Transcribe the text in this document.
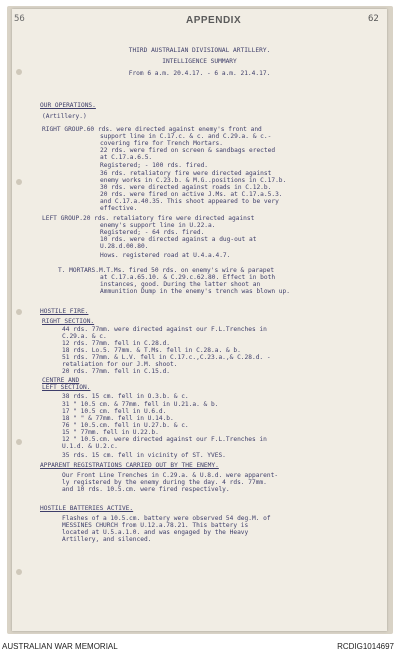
56	APPENDIX	62
THIRD AUSTRALIAN DIVISIONAL ARTILLERY.
INTELLIGENCE SUMMARY
From 6 a.m. 20.4.17. - 6 a.m. 21.4.17.
OUR OPERATIONS.
(Artillery.)
RIGHT GROUP.60 rds. were directed against enemy's front and
support line in C.17.c. & c. and C.29.a. & c.-
covering fire for Trench Mortars.
22 rds. were fired on screen & sandbags erected
at C.17.a.6.5.
Registered; - 100 rds. fired.
36 rds. retaliatory fire were directed against
enemy works in C.23.b. & M.G..positions in C.17.b.
30 rds. were directed against roads in C.12.b.
20 rds. were fired on active J.Ms. at C.17.a.5.3.
and C.17.a.40.35. This shoot appeared to be very
effective.
LEFT GROUP.20 rds. retaliatory fire were directed against
enemy's support line in U.22.a.
Registered; - 64 rds. fired.
10 rds. were directed against a dug-out at
U.28.d.00.80.
Hows. registered road at U.4.a.4.7.
T. MORTARS.M.T.Ms. fired 50 rds. on enemy's wire & parapet
at C.17.a.65.10. & C.29.c.62.80. Effect in both
instances, good. During the latter shoot an
Ammunition Dump in the enemy's trench was blown up.
HOSTILE FIRE.
RIGHT SECTION.
44 rds. 77mm. were directed against our F.L.Trenches in
C.29.a. & c.
12 rds. 77mm. fell in C.28.d.
18 rds. Lo.5. 77mm. & T.Ms. fell in C.28.a. & b.
51 rds. 77mm. & L.V. fell in C.17.c.,C.23.a.,& C.28.d. -
retaliation for our J.M. shoot.
20 rds. 77mm. fell in C.15.d.
CENTRE AND
LEFT SECTION.
38 rds. 15 cm. fell in O.3.b. & c.
31 " 10.5 cm. & 77mm. fell in U.21.a. & b.
17 " 10.5 cm. fell in U.6.d.
18 " " & 77mm. fell in U.14.b.
76 " 10.5.cm. fell in U.27.b. & c.
15 " 77mm. fell in U.22.b.
12 " 10.5.cm. were directed against our F.L.Trenches in
U.1.d. & U.2.c.
35 rds. 15 cm. fell in vicinity of ST. YVES.
APPARENT REGISTRATIONS CARRIED OUT BY THE ENEMY.
Our Front Line Trenches in C.29.a. & U.8.d. were apparent-
ly registered by the enemy during the day. 4 rds. 77mm.
and 10 rds. 10.5.cm. were fired respectively.
HOSTILE BATTERIES ACTIVE.
Flashes of a 10.5.cm. battery were observed 54 deg.M. of
MESSINES CHURCH from U.12.a.78.21. This battery is
located at U.5.a.1.0. and was engaged by the Heavy
Artillery, and silenced.
AUSTRALIAN WAR MEMORIAL	RCDIG1014697
